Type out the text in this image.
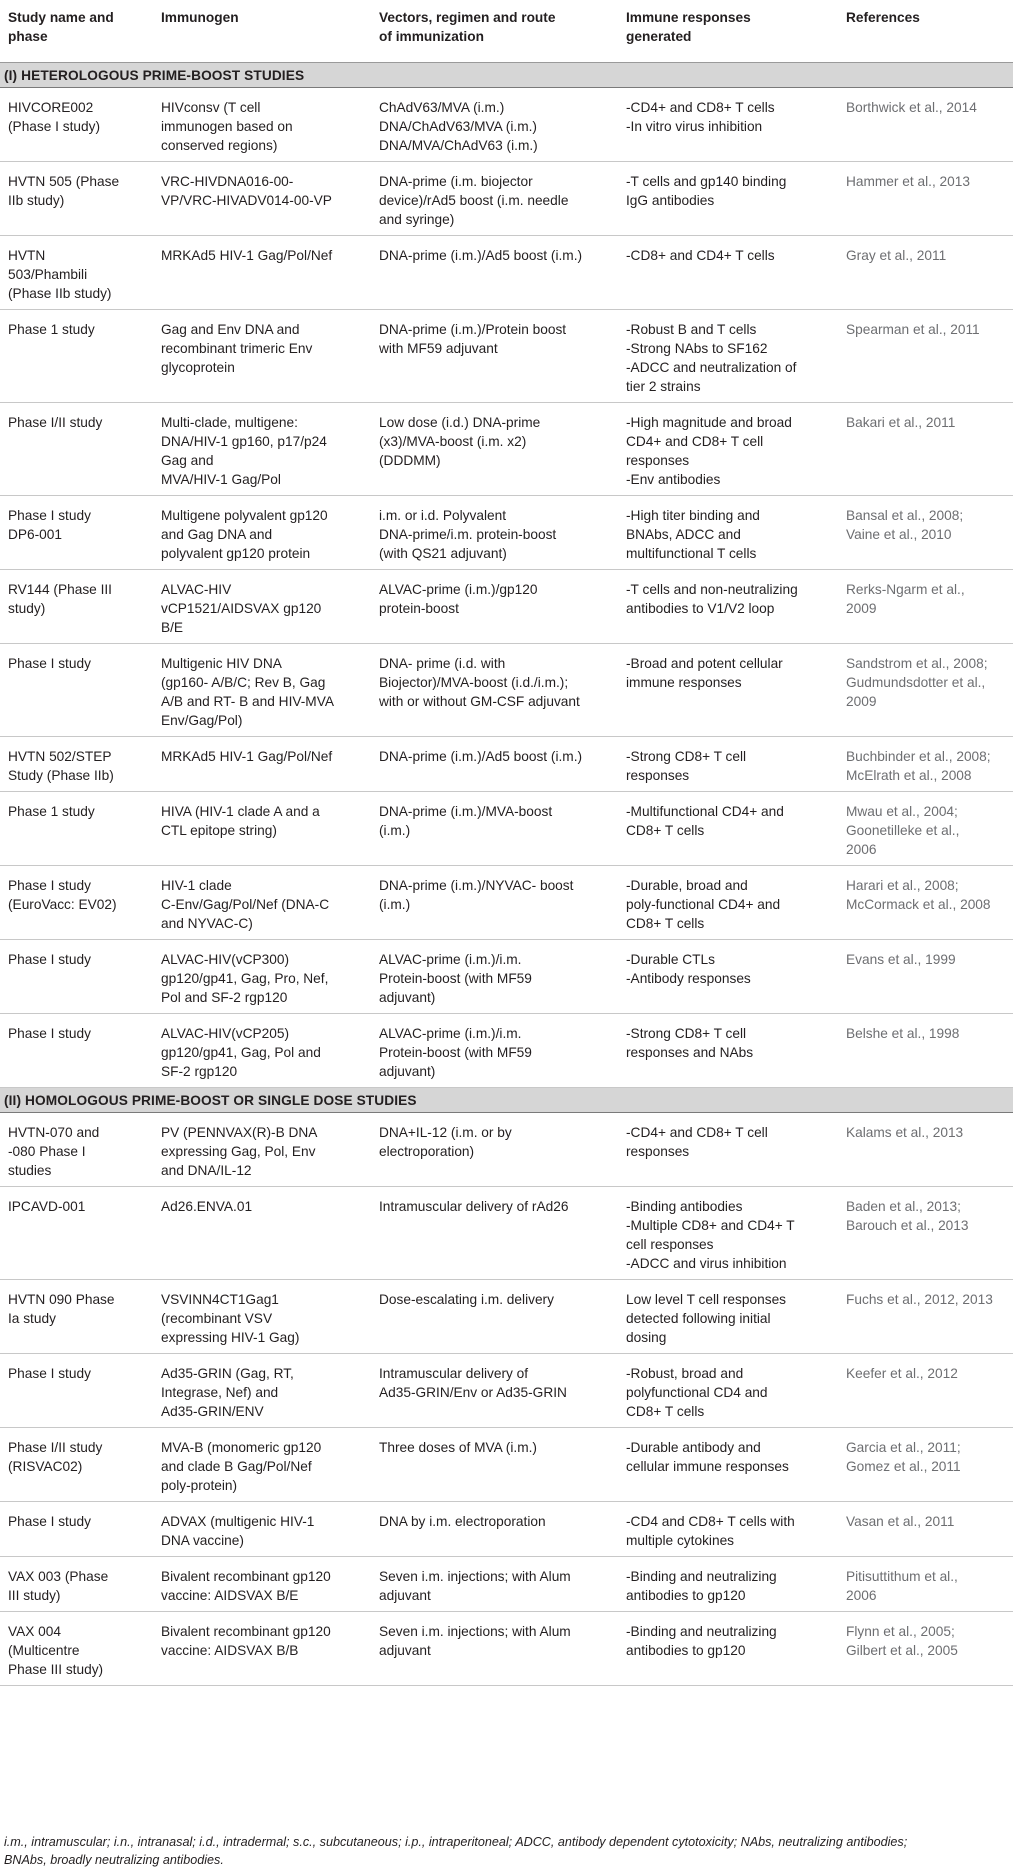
Study name and
phase	Immunogen	Vectors, regimen and route
of immunization	Immune responses
generated	References

(I) HETEROLOGOUS PRIME-BOOST STUDIES				

HIVCORE002
(Phase I study)	HIVconsv (T cell
immunogen based on
conserved regions)	ChAdV63/MVA (i.m.)
DNA/ChAdV63/MVA (i.m.)
DNA/MVA/ChAdV63 (i.m.)	-CD4+ and CD8+ T cells
-In vitro virus inhibition	Borthwick et al., 2014

HVTN 505 (Phase
IIb study)	VRC-HIVDNA016-00-
VP/VRC-HIVADV014-00-VP	DNA-prime (i.m. biojector
device)/rAd5 boost (i.m. needle
and syringe)	-T cells and gp140 binding
IgG antibodies	Hammer et al., 2013

HVTN
503/Phambili
(Phase IIb study)	MRKAd5 HIV-1 Gag/Pol/Nef	DNA-prime (i.m.)/Ad5 boost (i.m.)	-CD8+ and CD4+ T cells	Gray et al., 2011

Phase 1 study	Gag and Env DNA and
recombinant trimeric Env
glycoprotein	DNA-prime (i.m.)/Protein boost
with MF59 adjuvant	-Robust B and T cells
-Strong NAbs to SF162
-ADCC and neutralization of
tier 2 strains	Spearman et al., 2011

Phase I/II study	Multi-clade, multigene:
DNA/HIV-1 gp160, p17/p24
Gag and
MVA/HIV-1 Gag/Pol	Low dose (i.d.) DNA-prime
(x3)/MVA-boost (i.m. x2)
(DDDMM)	-High magnitude and broad
CD4+ and CD8+ T cell
responses
-Env antibodies	Bakari et al., 2011

Phase I study
DP6-001	Multigene polyvalent gp120
and Gag DNA and
polyvalent gp120 protein	i.m. or i.d. Polyvalent
DNA-prime/i.m. protein-boost
(with QS21 adjuvant)	-High titer binding and
BNAbs, ADCC and
multifunctional T cells	Bansal et al., 2008;
Vaine et al., 2010

RV144 (Phase III
study)	ALVAC-HIV
vCP1521/AIDSVAX gp120
B/E	ALVAC-prime (i.m.)/gp120
protein-boost	-T cells and non-neutralizing
antibodies to V1/V2 loop	Rerks-Ngarm et al.,
2009

Phase I study	Multigenic HIV DNA
(gp160- A/B/C; Rev B, Gag
A/B and RT- B and HIV-MVA
Env/Gag/Pol)	DNA- prime (i.d. with
Biojector)/MVA-boost (i.d./i.m.);
with or without GM-CSF adjuvant	-Broad and potent cellular
immune responses	Sandstrom et al., 2008;
Gudmundsdotter et al.,
2009

HVTN 502/STEP
Study (Phase IIb)	MRKAd5 HIV-1 Gag/Pol/Nef	DNA-prime (i.m.)/Ad5 boost (i.m.)	-Strong CD8+ T cell
responses	Buchbinder et al., 2008;
McElrath et al., 2008

Phase 1 study	HIVA (HIV-1 clade A and a
CTL epitope string)	DNA-prime (i.m.)/MVA-boost
(i.m.)	-Multifunctional CD4+ and
CD8+ T cells	Mwau et al., 2004;
Goonetilleke et al.,
2006

Phase I study
(EuroVacc: EV02)	HIV-1 clade
C-Env/Gag/Pol/Nef (DNA-C
and NYVAC-C)	DNA-prime (i.m.)/NYVAC- boost
(i.m.)	-Durable, broad and
poly-functional CD4+ and
CD8+ T cells	Harari et al., 2008;
McCormack et al., 2008

Phase I study	ALVAC-HIV(vCP300)
gp120/gp41, Gag, Pro, Nef,
Pol and SF-2 rgp120	ALVAC-prime (i.m.)/i.m.
Protein-boost (with MF59
adjuvant)	-Durable CTLs
-Antibody responses	Evans et al., 1999

Phase I study	ALVAC-HIV(vCP205)
gp120/gp41, Gag, Pol and
SF-2 rgp120	ALVAC-prime (i.m.)/i.m.
Protein-boost (with MF59
adjuvant)	-Strong CD8+ T cell
responses and NAbs	Belshe et al., 1998

(II) HOMOLOGOUS PRIME-BOOST OR SINGLE DOSE STUDIES				

HVTN-070 and
-080 Phase I
studies	PV (PENNVAX(R)-B DNA
expressing Gag, Pol, Env
and DNA/IL-12	DNA+IL-12 (i.m. or by
electroporation)	-CD4+ and CD8+ T cell
responses	Kalams et al., 2013

IPCAVD-001	Ad26.ENVA.01	Intramuscular delivery of rAd26	-Binding antibodies
-Multiple CD8+ and CD4+ T
cell responses
-ADCC and virus inhibition	Baden et al., 2013;
Barouch et al., 2013

HVTN 090 Phase
Ia study	VSVINN4CT1Gag1
(recombinant VSV
expressing HIV-1 Gag)	Dose-escalating i.m. delivery	Low level T cell responses
detected following initial
dosing	Fuchs et al., 2012, 2013

Phase I study	Ad35-GRIN (Gag, RT,
Integrase, Nef) and
Ad35-GRIN/ENV	Intramuscular delivery of
Ad35-GRIN/Env or Ad35-GRIN	-Robust, broad and
polyfunctional CD4 and
CD8+ T cells	Keefer et al., 2012

Phase I/II study
(RISVAC02)	MVA-B (monomeric gp120
and clade B Gag/Pol/Nef
poly-protein)	Three doses of MVA (i.m.)	-Durable antibody and
cellular immune responses	Garcia et al., 2011;
Gomez et al., 2011

Phase I study	ADVAX (multigenic HIV-1
DNA vaccine)	DNA by i.m. electroporation	-CD4 and CD8+ T cells with
multiple cytokines	Vasan et al., 2011

VAX 003 (Phase
III study)	Bivalent recombinant gp120
vaccine: AIDSVAX B/E	Seven i.m. injections; with Alum
adjuvant	-Binding and neutralizing
antibodies to gp120	Pitisuttithum et al.,
2006

VAX 004
(Multicentre
Phase III study)	Bivalent recombinant gp120
vaccine: AIDSVAX B/B	Seven i.m. injections; with Alum
adjuvant	-Binding and neutralizing
antibodies to gp120	Flynn et al., 2005;
Gilbert et al., 2005
i.m., intramuscular; i.n., intranasal; i.d., intradermal; s.c., subcutaneous; i.p., intraperitoneal; ADCC, antibody dependent cytotoxicity; NAbs, neutralizing antibodies;
BNAbs, broadly neutralizing antibodies.
